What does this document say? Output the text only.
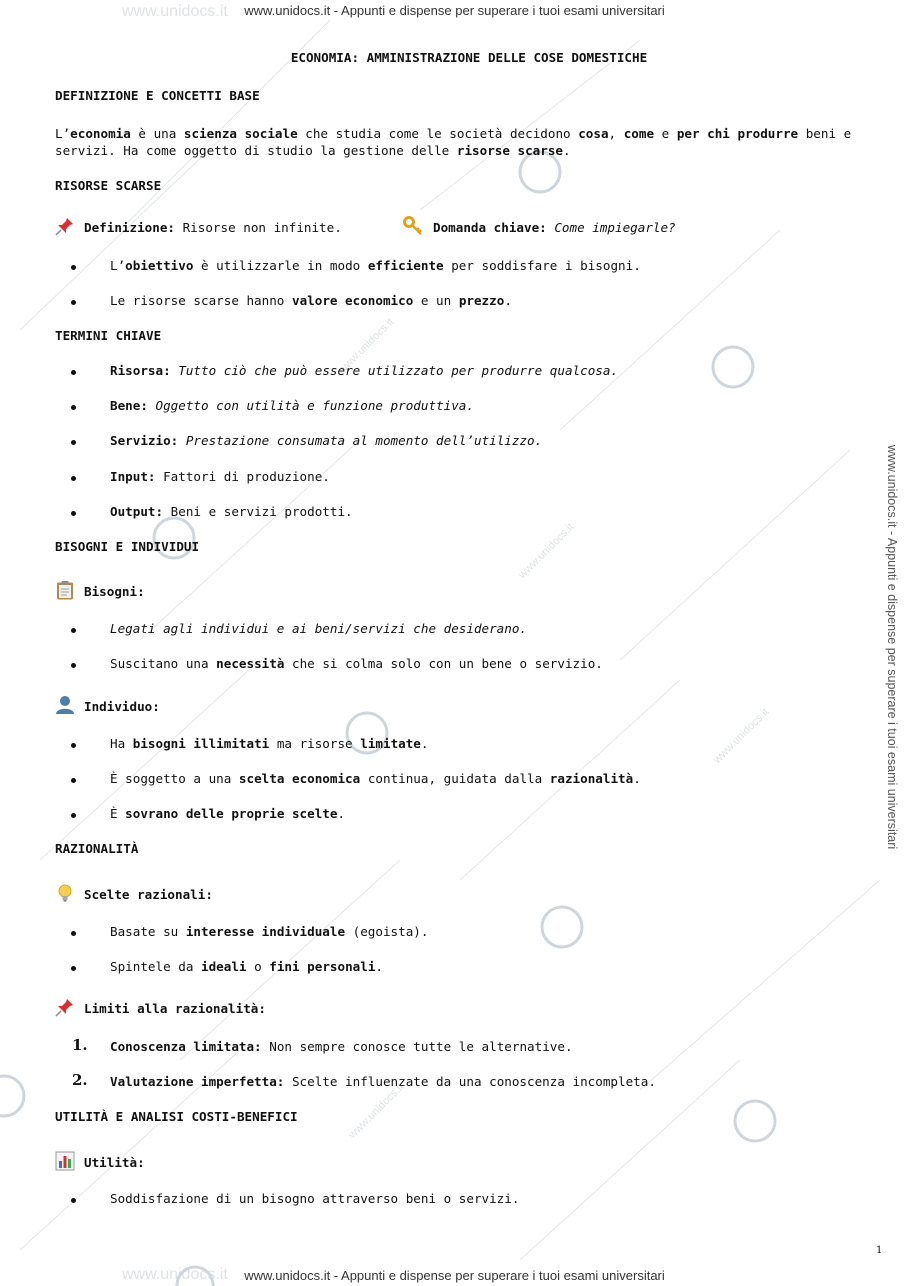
www.unidocs.it - Appunti e dispense per superare i tuoi esami universitari
www.unidocs.it - Appunti e dispense per superare i tuoi esami universitari
www.unidocs.it - Appunti e dispense per superare i tuoi esami universitari
www.unidocs.it
www.unidocs.it
www.unidocs.it
www.unidocs.it
www.unidocs.it
www.unidocs.it
ECONOMIA: AMMINISTRAZIONE DELLE COSE DOMESTICHE
DEFINIZIONE E CONCETTI BASE
L’economia è una scienza sociale che studia come le società decidono cosa, come e per chi produrre beni e servizi. Ha come oggetto di studio la gestione delle risorse scarse.
RISORSE SCARSE
Definizione: Risorse non infinite.	Domanda chiave: Come impiegarle?
L’obiettivo è utilizzarle in modo efficiente per soddisfare i bisogni.
Le risorse scarse hanno valore economico e un prezzo.
TERMINI CHIAVE
Risorsa: Tutto ciò che può essere utilizzato per produrre qualcosa.
Bene: Oggetto con utilità e funzione produttiva.
Servizio: Prestazione consumata al momento dell’utilizzo.
Input: Fattori di produzione.
Output: Beni e servizi prodotti.
BISOGNI E INDIVIDUI
Bisogni:
Legati agli individui e ai beni/servizi che desiderano.
Suscitano una necessità che si colma solo con un bene o servizio.
Individuo:
Ha bisogni illimitati ma risorse limitate.
È soggetto a una scelta economica continua, guidata dalla razionalità.
È sovrano delle proprie scelte.
RAZIONALITÀ
Scelte razionali:
Basate su interesse individuale (egoista).
Spintele da ideali o fini personali.
Limiti alla razionalità:
1. Conoscenza limitata: Non sempre conosce tutte le alternative.
2. Valutazione imperfetta: Scelte influenzate da una conoscenza incompleta.
UTILITÀ E ANALISI COSTI-BENEFICI
Utilità:
Soddisfazione di un bisogno attraverso beni o servizi.
1
